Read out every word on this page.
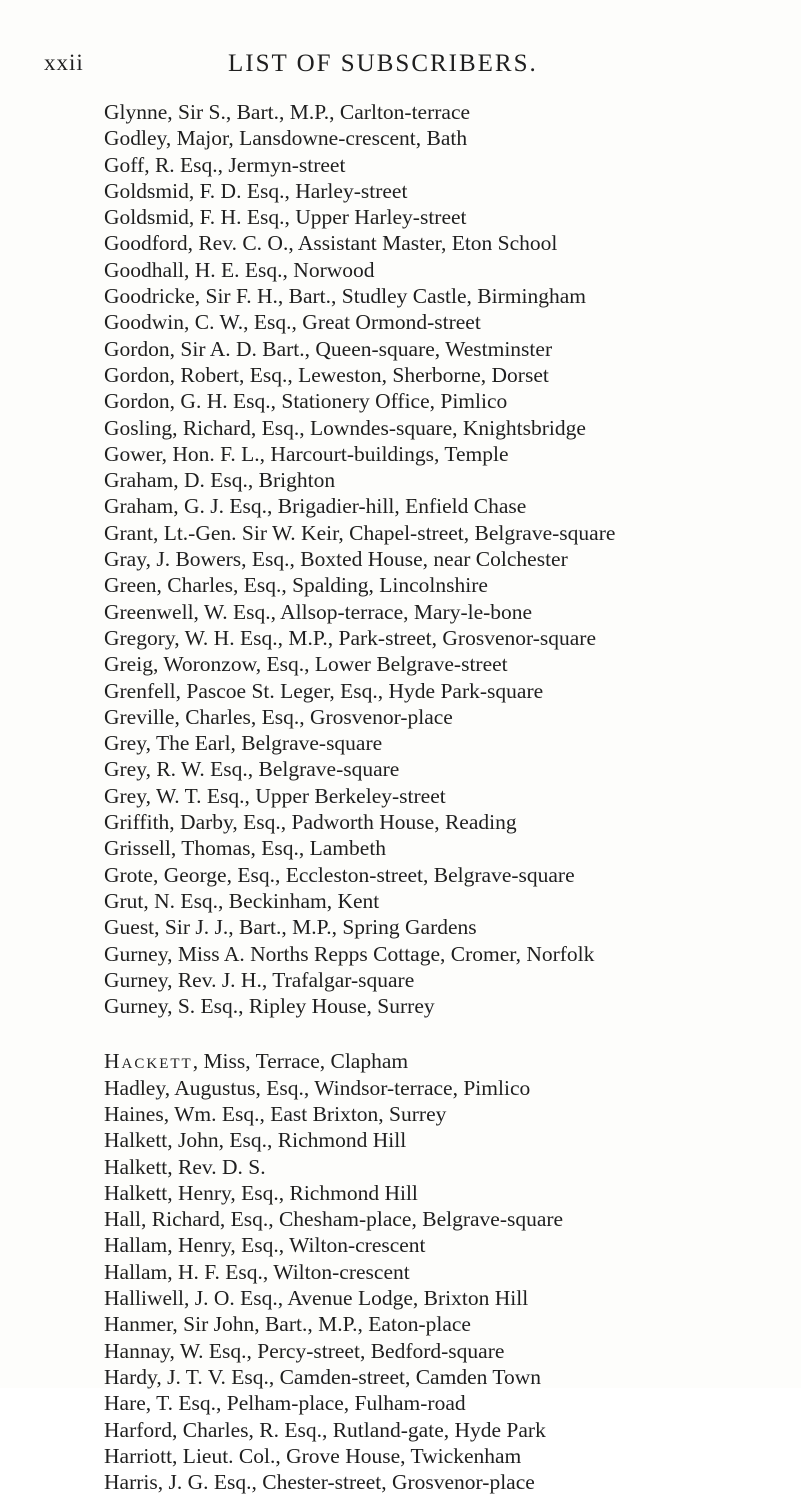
xxii	LIST OF SUBSCRIBERS.
Glynne, Sir S., Bart., M.P., Carlton-terrace
Godley, Major, Lansdowne-crescent, Bath
Goff, R. Esq., Jermyn-street
Goldsmid, F. D. Esq., Harley-street
Goldsmid, F. H. Esq., Upper Harley-street
Goodford, Rev. C. O., Assistant Master, Eton School
Goodhall, H. E. Esq., Norwood
Goodricke, Sir F. H., Bart., Studley Castle, Birmingham
Goodwin, C. W., Esq., Great Ormond-street
Gordon, Sir A. D. Bart., Queen-square, Westminster
Gordon, Robert, Esq., Leweston, Sherborne, Dorset
Gordon, G. H. Esq., Stationery Office, Pimlico
Gosling, Richard, Esq., Lowndes-square, Knightsbridge
Gower, Hon. F. L., Harcourt-buildings, Temple
Graham, D. Esq., Brighton
Graham, G. J. Esq., Brigadier-hill, Enfield Chase
Grant, Lt.-Gen. Sir W. Keir, Chapel-street, Belgrave-square
Gray, J. Bowers, Esq., Boxted House, near Colchester
Green, Charles, Esq., Spalding, Lincolnshire
Greenwell, W. Esq., Allsop-terrace, Mary-le-bone
Gregory, W. H. Esq., M.P., Park-street, Grosvenor-square
Greig, Woronzow, Esq., Lower Belgrave-street
Grenfell, Pascoe St. Leger, Esq., Hyde Park-square
Greville, Charles, Esq., Grosvenor-place
Grey, The Earl, Belgrave-square
Grey, R. W. Esq., Belgrave-square
Grey, W. T. Esq., Upper Berkeley-street
Griffith, Darby, Esq., Padworth House, Reading
Grissell, Thomas, Esq., Lambeth
Grote, George, Esq., Eccleston-street, Belgrave-square
Grut, N. Esq., Beckinham, Kent
Guest, Sir J. J., Bart., M.P., Spring Gardens
Gurney, Miss A. Norths Repps Cottage, Cromer, Norfolk
Gurney, Rev. J. H., Trafalgar-square
Gurney, S. Esq., Ripley House, Surrey
Hackett, Miss, Terrace, Clapham
Hadley, Augustus, Esq., Windsor-terrace, Pimlico
Haines, Wm. Esq., East Brixton, Surrey
Halkett, John, Esq., Richmond Hill
Halkett, Rev. D. S.
Halkett, Henry, Esq., Richmond Hill
Hall, Richard, Esq., Chesham-place, Belgrave-square
Hallam, Henry, Esq., Wilton-crescent
Hallam, H. F. Esq., Wilton-crescent
Halliwell, J. O. Esq., Avenue Lodge, Brixton Hill
Hanmer, Sir John, Bart., M.P., Eaton-place
Hannay, W. Esq., Percy-street, Bedford-square
Hardy, J. T. V. Esq., Camden-street, Camden Town
Hare, T. Esq., Pelham-place, Fulham-road
Harford, Charles, R. Esq., Rutland-gate, Hyde Park
Harriott, Lieut. Col., Grove House, Twickenham
Harris, J. G. Esq., Chester-street, Grosvenor-place
